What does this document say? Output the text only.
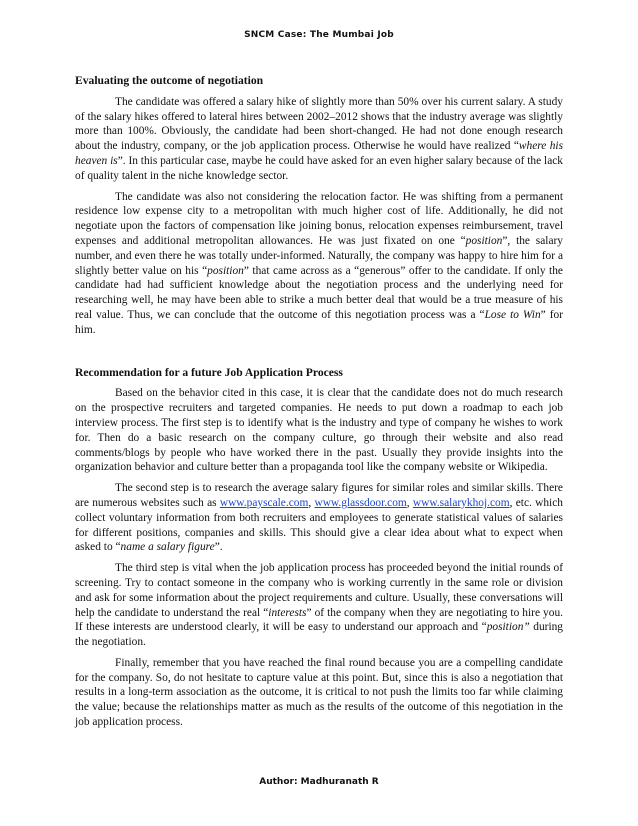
SNCM Case: The Mumbai Job
Evaluating the outcome of negotiation

The candidate was offered a salary hike of slightly more than 50% over his current salary. A study of the salary hikes offered to lateral hires between 2002–2012 shows that the industry average was slightly more than 100%. Obviously, the candidate had been short-changed. He had not done enough research about the industry, company, or the job application process. Otherwise he would have realized “where his heaven is”. In this particular case, maybe he could have asked for an even higher salary because of the lack of quality talent in the niche knowledge sector.

The candidate was also not considering the relocation factor. He was shifting from a permanent residence low expense city to a metropolitan with much higher cost of life. Additionally, he did not negotiate upon the factors of compensation like joining bonus, relocation expenses reimbursement, travel expenses and additional metropolitan allowances. He was just fixated on one “position”, the salary number, and even there he was totally under-informed. Naturally, the company was happy to hire him for a slightly better value on his “position” that came across as a “generous” offer to the candidate. If only the candidate had had sufficient knowledge about the negotiation process and the underlying need for researching well, he may have been able to strike a much better deal that would be a true measure of his real value. Thus, we can conclude that the outcome of this negotiation process was a “Lose to Win” for him.

Recommendation for a future Job Application Process

Based on the behavior cited in this case, it is clear that the candidate does not do much research on the prospective recruiters and targeted companies. He needs to put down a roadmap to each job interview process. The first step is to identify what is the industry and type of company he wishes to work for. Then do a basic research on the company culture, go through their website and also read comments/blogs by people who have worked there in the past. Usually they provide insights into the organization behavior and culture better than a propaganda tool like the company website or Wikipedia.

The second step is to research the average salary figures for similar roles and similar skills. There are numerous websites such as www.payscale.com, www.glassdoor.com, www.salarykhoj.com, etc. which collect voluntary information from both recruiters and employees to generate statistical values of salaries for different positions, companies and skills. This should give a clear idea about what to expect when asked to “name a salary figure”.

The third step is vital when the job application process has proceeded beyond the initial rounds of screening. Try to contact someone in the company who is working currently in the same role or division and ask for some information about the project requirements and culture. Usually, these conversations will help the candidate to understand the real “interests” of the company when they are negotiating to hire you. If these interests are understood clearly, it will be easy to understand our approach and “position” during the negotiation.

Finally, remember that you have reached the final round because you are a compelling candidate for the company. So, do not hesitate to capture value at this point. But, since this is also a negotiation that results in a long-term association as the outcome, it is critical to not push the limits too far while claiming the value; because the relationships matter as much as the results of the outcome of this negotiation in the job application process.

Author: Madhuranath R
